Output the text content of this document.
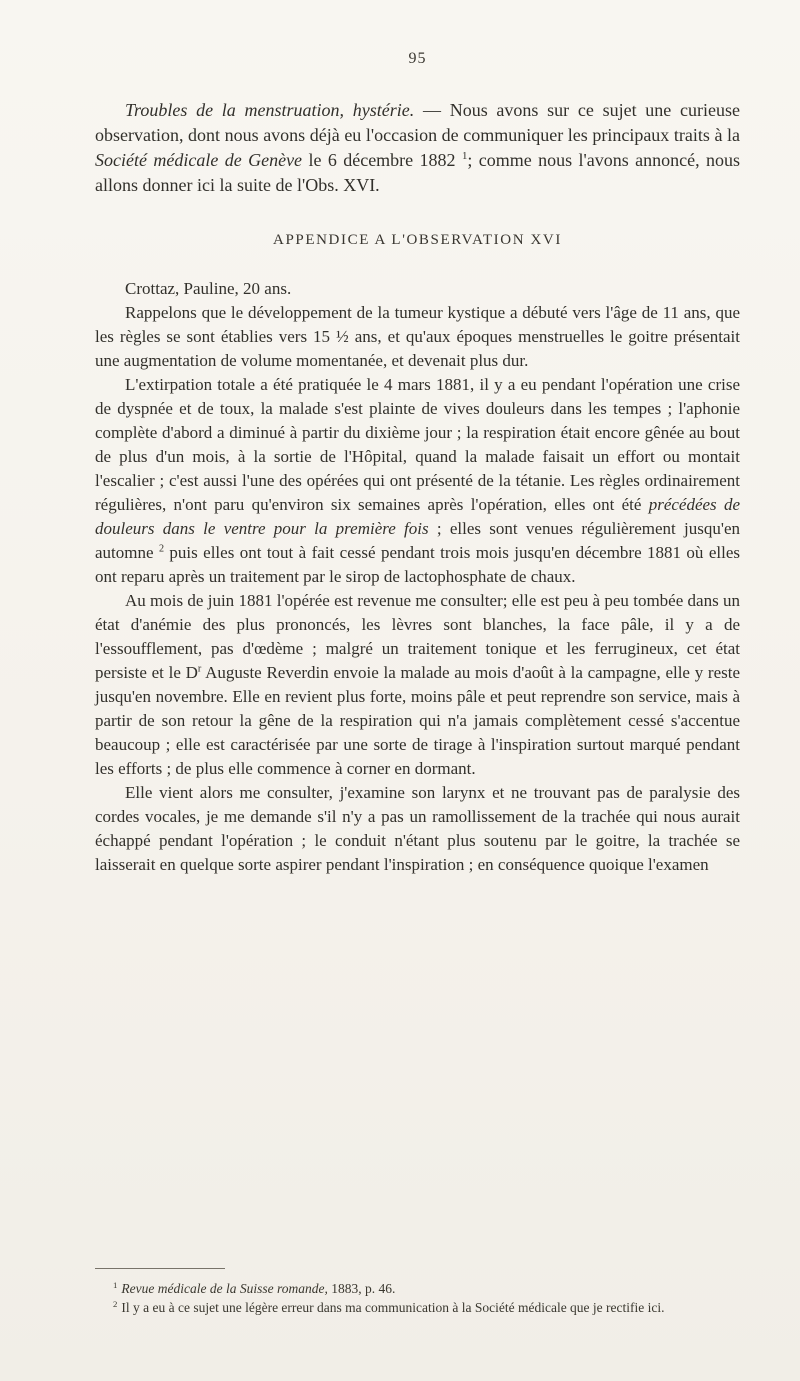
95

Troubles de la menstruation, hystérie. — Nous avons sur ce sujet une curieuse observation, dont nous avons déjà eu l'occasion de communiquer les principaux traits à la Société médicale de Genève le 6 décembre 1882 $^1$; comme nous l'avons annoncé, nous allons donner ici la suite de l'Obs. XVI.

APPENDICE A L'OBSERVATION XVI

Crottaz, Pauline, 20 ans.

Rappelons que le développement de la tumeur kystique a débuté vers l'âge de 11 ans, que les règles se sont établies vers 15 ½ ans, et qu'aux époques menstruelles le goitre présentait une augmentation de volume momentanée, et devenait plus dur.

L'extirpation totale a été pratiquée le 4 mars 1881, il y a eu pendant l'opération une crise de dyspnée et de toux, la malade s'est plainte de vives douleurs dans les tempes ; l'aphonie complète d'abord a diminué à partir du dixième jour ; la respiration était encore gênée au bout de plus d'un mois, à la sortie de l'Hôpital, quand la malade faisait un effort ou montait l'escalier ; c'est aussi l'une des opérées qui ont présenté de la tétanie. Les règles ordinairement régulières, n'ont paru qu'environ six semaines après l'opération, elles ont été précédées de douleurs dans le ventre pour la première fois ; elles sont venues régulièrement jusqu'en automne $^2$ puis elles ont tout à fait cessé pendant trois mois jusqu'en décembre 1881 où elles ont reparu après un traitement par le sirop de lactophosphate de chaux.

Au mois de juin 1881 l'opérée est revenue me consulter; elle est peu à peu tombée dans un état d'anémie des plus prononcés, les lèvres sont blanches, la face pâle, il y a de l'essoufflement, pas d'œdème ; malgré un traitement tonique et les ferrugineux, cet état persiste et le D$^r$ Auguste Reverdin envoie la malade au mois d'août à la campagne, elle y reste jusqu'en novembre. Elle en revient plus forte, moins pâle et peut reprendre son service, mais à partir de son retour la gêne de la respiration qui n'a jamais complètement cessé s'accentue beaucoup ; elle est caractérisée par une sorte de tirage à l'inspiration surtout marqué pendant les efforts ; de plus elle commence à corner en dormant.

Elle vient alors me consulter, j'examine son larynx et ne trouvant pas de paralysie des cordes vocales, je me demande s'il n'y a pas un ramollissement de la trachée qui nous aurait échappé pendant l'opération ; le conduit n'étant plus soutenu par le goitre, la trachée se laisserait en quelque sorte aspirer pendant l'inspiration ; en conséquence quoique l'examen

$^1$ Revue médicale de la Suisse romande, 1883, p. 46.

$^2$ Il y a eu à ce sujet une légère erreur dans ma communication à la Société médicale que je rectifie ici.
